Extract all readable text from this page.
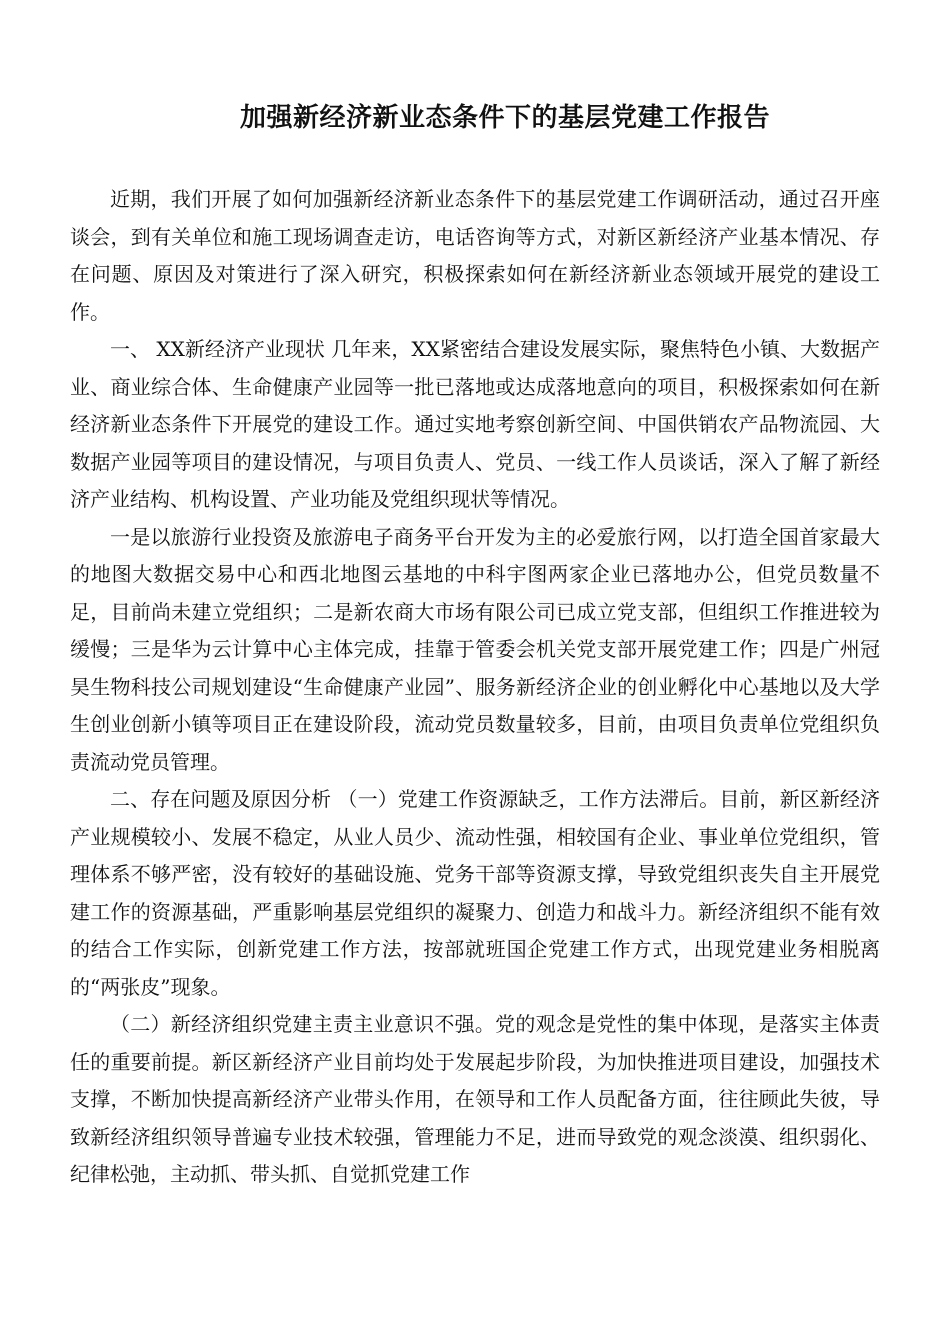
加强新经济新业态条件下的基层党建工作报告

近期，我们开展了如何加强新经济新业态条件下的基层党建工作调研活动，通过召开座谈会，到有关单位和施工现场调查走访，电话咨询等方式，对新区新经济产业基本情况、存在问题、原因及对策进行了深入研究，积极探索如何在新经济新业态领域开展党的建设工作。

一、 XX新经济产业现状 几年来，XX紧密结合建设发展实际，聚焦特色小镇、大数据产业、商业综合体、生命健康产业园等一批已落地或达成落地意向的项目，积极探索如何在新经济新业态条件下开展党的建设工作。通过实地考察创新空间、中国供销农产品物流园、大数据产业园等项目的建设情况，与项目负责人、党员、一线工作人员谈话，深入了解了新经济产业结构、机构设置、产业功能及党组织现状等情况。

一是以旅游行业投资及旅游电子商务平台开发为主的必爱旅行网，以打造全国首家最大的地图大数据交易中心和西北地图云基地的中科宇图两家企业已落地办公，但党员数量不足，目前尚未建立党组织；二是新农商大市场有限公司已成立党支部，但组织工作推进较为缓慢；三是华为云计算中心主体完成，挂靠于管委会机关党支部开展党建工作；四是广州冠昊生物科技公司规划建设“生命健康产业园”、服务新经济企业的创业孵化中心基地以及大学生创业创新小镇等项目正在建设阶段，流动党员数量较多，目前，由项目负责单位党组织负责流动党员管理。

二、存在问题及原因分析 （一）党建工作资源缺乏，工作方法滞后。目前，新区新经济产业规模较小、发展不稳定，从业人员少、流动性强，相较国有企业、事业单位党组织，管理体系不够严密，没有较好的基础设施、党务干部等资源支撑，导致党组织丧失自主开展党建工作的资源基础，严重影响基层党组织的凝聚力、创造力和战斗力。新经济组织不能有效的结合工作实际，创新党建工作方法，按部就班国企党建工作方式，出现党建业务相脱离的“两张皮”现象。

（二）新经济组织党建主责主业意识不强。党的观念是党性的集中体现，是落实主体责任的重要前提。新区新经济产业目前均处于发展起步阶段，为加快推进项目建设，加强技术支撑，不断加快提高新经济产业带头作用，在领导和工作人员配备方面，往往顾此失彼，导致新经济组织领导普遍专业技术较强，管理能力不足，进而导致党的观念淡漠、组织弱化、纪律松弛，主动抓、带头抓、自觉抓党建工作
